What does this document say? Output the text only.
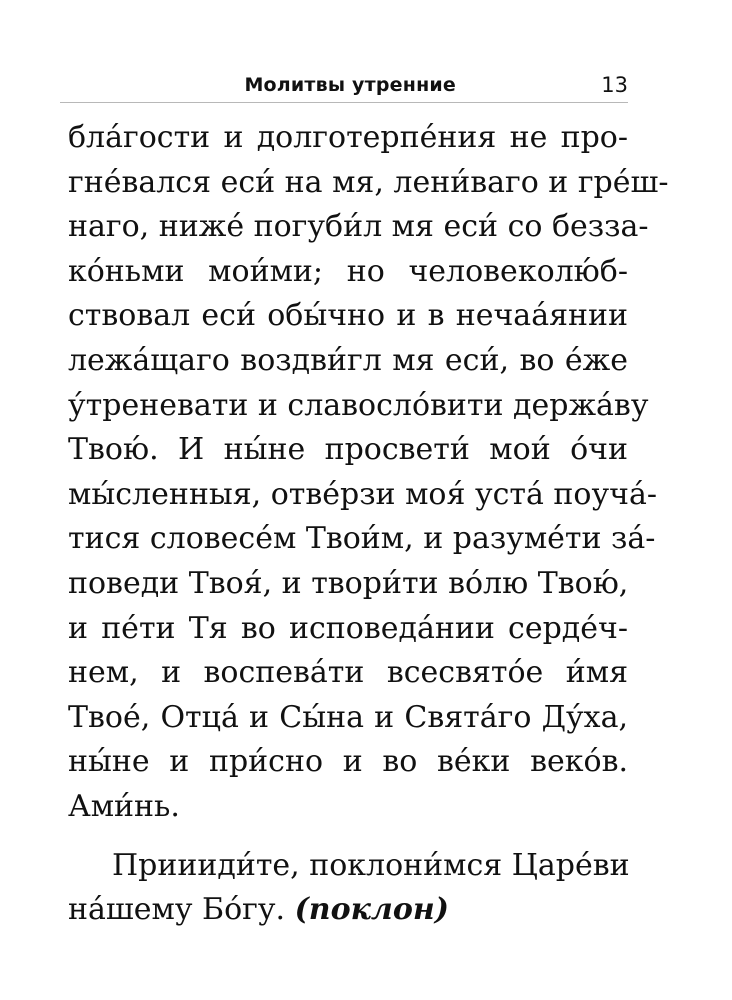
Молитвы утренние	13
бла́гости и долготерпе́ния не про-
гне́вался еси́ на мя, лени́ваго и гре́ш-
наго, ниже́ погуби́л мя еси́ со безза-
ко́ньми мои́ми; но человеколю́б-
ствовал еси́ обы́чно и в нечаа́янии
лежа́щаго воздви́гл мя еси́, во е́же
у́треневати и славосло́вити держа́ву
Твою́. И ны́не просвети́ мои́ о́чи
мы́сленныя, отве́рзи моя́ уста́ поуча́-
тися словесе́м Твои́м, и разуме́ти за́-
поведи Твоя́, и твори́ти во́лю Твою́,
и пе́ти Тя во исповеда́нии серде́ч-
нем, и воспева́ти всесвято́е и́мя
Твое́, Отца́ и Сы́на и Свята́го Ду́ха,
ны́не и при́сно и во ве́ки веко́в.
Ами́нь.
Приииди́те, поклони́мся Царе́ви
на́шему Бо́гу. (поклон)
